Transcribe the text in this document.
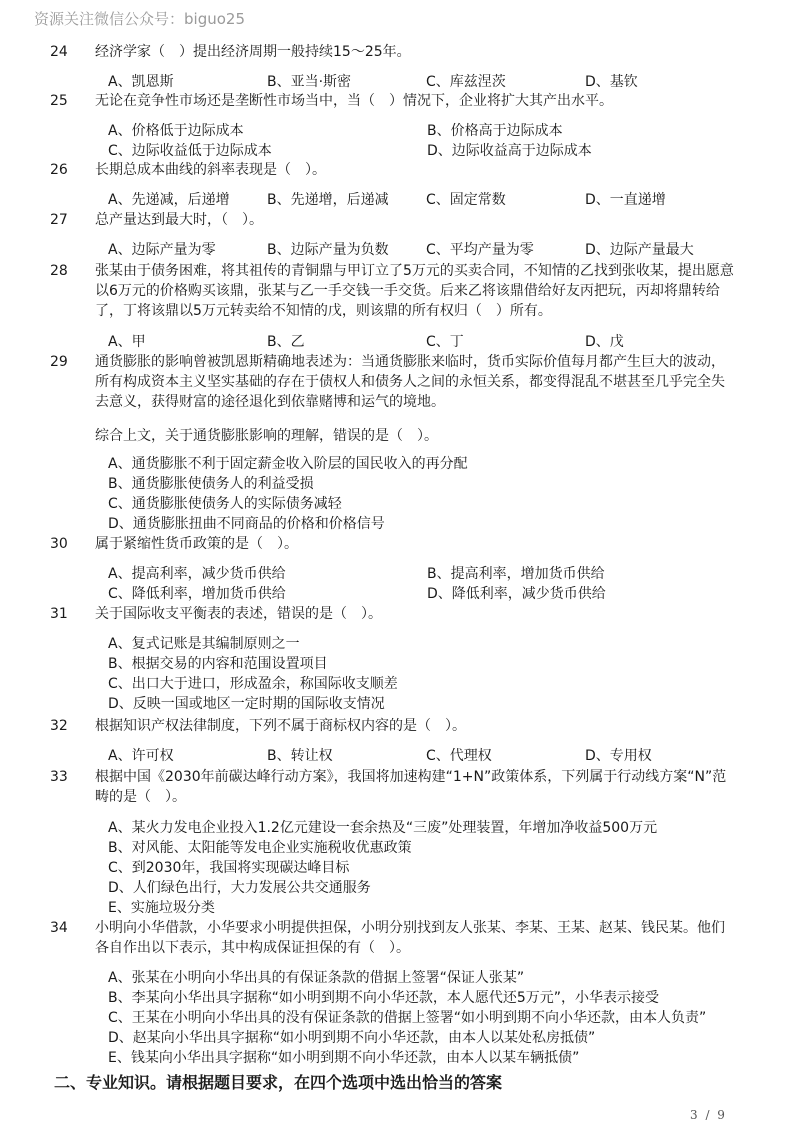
资源关注微信公众号：biguo25
24 经济学家（　）提出经济周期一般持续15～25年。

A、凯恩斯	B、亚当·斯密	C、库兹涅茨	D、基钦
25 无论在竞争性市场还是垄断性市场当中，当（　）情况下，企业将扩大其产出水平。

A、价格低于边际成本	B、价格高于边际成本
C、边际收益低于边际成本	D、边际收益高于边际成本
26 长期总成本曲线的斜率表现是（　）。

A、先递减，后递增	B、先递增，后递减	C、固定常数	D、一直递增
27 总产量达到最大时，（　）。

A、边际产量为零	B、边际产量为负数	C、平均产量为零	D、边际产量最大
28 张某由于债务困难，将其祖传的青铜鼎与甲订立了5万元的买卖合同，不知情的乙找到张收某，提出愿意以6万元的价格购买该鼎，张某与乙一手交钱一手交货。后来乙将该鼎借给好友丙把玩，丙却将鼎转给了，丁将该鼎以5万元转卖给不知情的戊，则该鼎的所有权归（　）所有。

A、甲	B、乙	C、丁	D、戊
29 通货膨胀的影响曾被凯恩斯精确地表述为：当通货膨胀来临时，货币实际价值每月都产生巨大的波动，所有构成资本主义坚实基础的存在于债权人和债务人之间的永恒关系，都变得混乱不堪甚至几乎完全失去意义，获得财富的途径退化到依靠赌博和运气的境地。

综合上文，关于通货膨胀影响的理解，错误的是（　）。

A、通货膨胀不利于固定薪金收入阶层的国民收入的再分配
B、通货膨胀使债务人的利益受损
C、通货膨胀使债务人的实际债务减轻
D、通货膨胀扭曲不同商品的价格和价格信号
30 属于紧缩性货币政策的是（　）。

A、提高利率，减少货币供给	B、提高利率，增加货币供给
C、降低利率，增加货币供给	D、降低利率，减少货币供给
31 关于国际收支平衡表的表述，错误的是（　）。

A、复式记账是其编制原则之一
B、根据交易的内容和范围设置项目
C、出口大于进口，形成盈余，称国际收支顺差
D、反映一国或地区一定时期的国际收支情况
32 根据知识产权法律制度，下列不属于商标权内容的是（　）。

A、许可权	B、转让权	C、代理权	D、专用权
33 根据中国《2030年前碳达峰行动方案》，我国将加速构建“1+N”政策体系，下列属于行动线方案“N”范畴的是（　）。

A、某火力发电企业投入1.2亿元建设一套余热及“三废”处理装置，年增加净收益500万元
B、对风能、太阳能等发电企业实施税收优惠政策
C、到2030年，我国将实现碳达峰目标
D、人们绿色出行，大力发展公共交通服务
E、实施垃圾分类
34 小明向小华借款，小华要求小明提供担保，小明分别找到友人张某、李某、王某、赵某、钱民某。他们各自作出以下表示，其中构成保证担保的有（　）。

A、张某在小明向小华出具的有保证条款的借据上签署“保证人张某”
B、李某向小华出具字据称“如小明到期不向小华还款，本人愿代还5万元”，小华表示接受
C、王某在小明向小华出具的没有保证条款的借据上签署“如小明到期不向小华还款，由本人负责”
D、赵某向小华出具字据称“如小明到期不向小华还款，由本人以某处私房抵债”
E、钱某向小华出具字据称“如小明到期不向小华还款，由本人以某车辆抵债”
二、专业知识。请根据题目要求，在四个选项中选出恰当的答案
3 / 9
